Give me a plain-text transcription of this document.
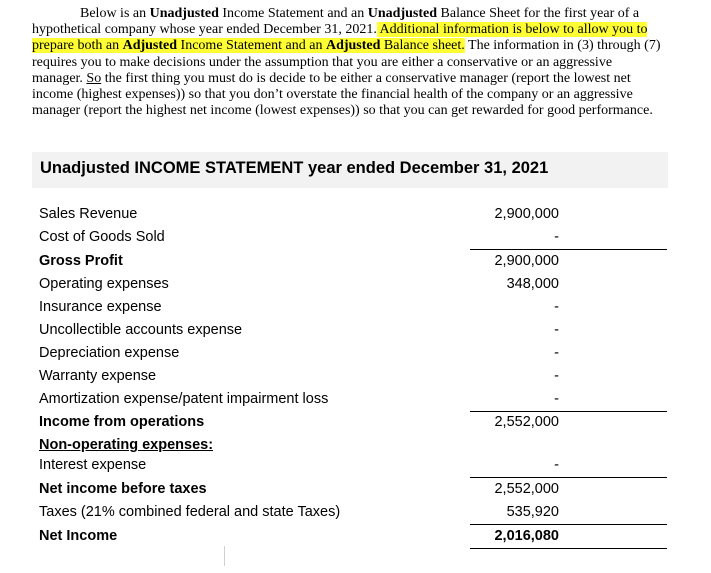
Below is an Unadjusted Income Statement and an Unadjusted Balance Sheet for the first year of a hypothetical company whose year ended December 31, 2021. Additional information is below to allow you to prepare both an Adjusted Income Statement and an Adjusted Balance sheet. The information in (3) through (7) requires you to make decisions under the assumption that you are either a conservative or an aggressive manager. So the first thing you must do is decide to be either a conservative manager (report the lowest net income (highest expenses)) so that you don’t overstate the financial health of the company or an aggressive manager (report the highest net income (lowest expenses)) so that you can get rewarded for good performance.

Unadjusted INCOME STATEMENT year ended December 31, 2021
Sales Revenue	2,900,000
Cost of Goods Sold	-
Gross Profit	2,900,000
Operating expenses	348,000
Insurance expense	-
Uncollectible accounts expense	-
Depreciation expense	-
Warranty expense	-
Amortization expense/patent impairment loss	-
Income from operations	2,552,000
Non-operating expenses:
Interest expense	-
Net income before taxes	2,552,000
Taxes (21% combined federal and state Taxes)	535,920
Net Income	2,016,080
